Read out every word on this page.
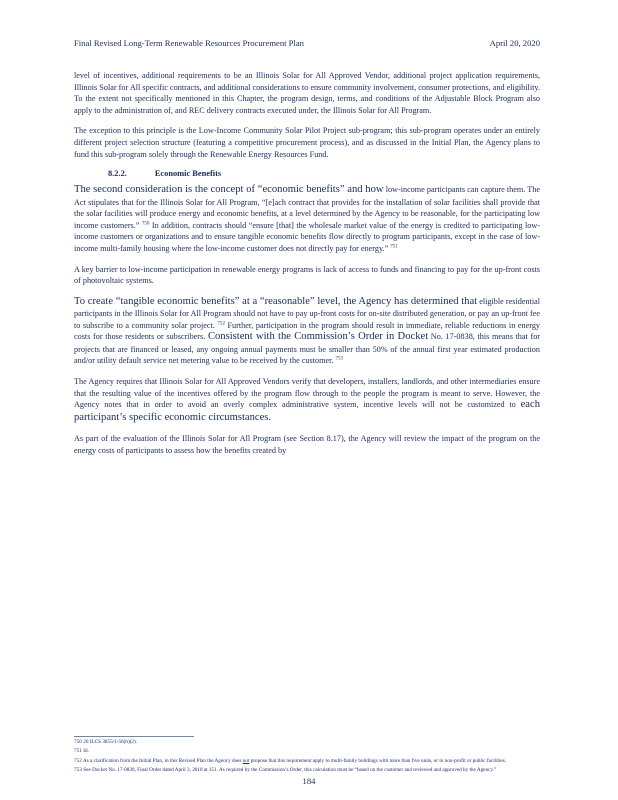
Final Revised Long-Term Renewable Resources Procurement Plan	April 20, 2020

level of incentives, additional requirements to be an Illinois Solar for All Approved Vendor, additional project application requirements, Illinois Solar for All specific contracts, and additional considerations to ensure community involvement, consumer protections, and eligibility. To the extent not specifically mentioned in this Chapter, the program design, terms, and conditions of the Adjustable Block Program also apply to the administration of, and REC delivery contracts executed under, the Illinois Solar for All Program.

The exception to this principle is the Low-Income Community Solar Pilot Project sub-program; this sub-program operates under an entirely different project selection structure (featuring a competitive procurement process), and as discussed in the Initial Plan, the Agency plans to fund this sub-program solely through the Renewable Energy Resources Fund.

8.2.2.	Economic Benefits

The second consideration is the concept of “economic benefits” and how low-income participants can capture them. The Act stipulates that for the Illinois Solar for All Program, “[e]ach contract that provides for the installation of solar facilities shall provide that the solar facilities will produce energy and economic benefits, at a level determined by the Agency to be reasonable, for the participating low income customers.” $^{750}$ In addition, contracts should “ensure [that] the wholesale market value of the energy is credited to participating low-income customers or organizations and to ensure tangible economic benefits flow directly to program participants, except in the case of low-income multi-family housing where the low-income customer does not directly pay for energy.” $^{751}$

A key barrier to low-income participation in renewable energy programs is lack of access to funds and financing to pay for the up-front costs of photovoltaic systems.

To create “tangible economic benefits” at a “reasonable” level, the Agency has determined that eligible residential participants in the Illinois Solar for All Program should not have to pay up-front costs for on-site distributed generation, or pay an up-front fee to subscribe to a community solar project. $^{752}$ Further, participation in the program should result in immediate, reliable reductions in energy costs for those residents or subscribers. Consistent with the Commission’s Order in Docket No. 17-0838, this means that for projects that are financed or leased, any ongoing annual payments must be smaller than 50% of the annual first year estimated production and/or utility default service net metering value to be received by the customer. $^{753}$

The Agency requires that Illinois Solar for All Approved Vendors verify that developers, installers, landlords, and other intermediaries ensure that the resulting value of the incentives offered by the program flow through to the people the program is meant to serve. However, the Agency notes that in order to avoid an overly complex administrative system, incentive levels will not be customized to each participant’s specific economic circumstances.

As part of the evaluation of the Illinois Solar for All Program (see Section 8.17), the Agency will review the impact of the program on the energy costs of participants to assess how the benefits created by

750 20 ILCS 3855/1-56(b)(2).
751 Id.
752 As a clarification from the Initial Plan, in this Revised Plan the Agency does not propose that this requirement apply to multi-family buildings with more than five units, or to non-profit or public facilities.
753 See Docket No. 17-0838, Final Order dated April 3, 2018 at 151. As required by the Commission’s Order, this calculation must be “based on the customer and reviewed and approved by the Agency.”
184
